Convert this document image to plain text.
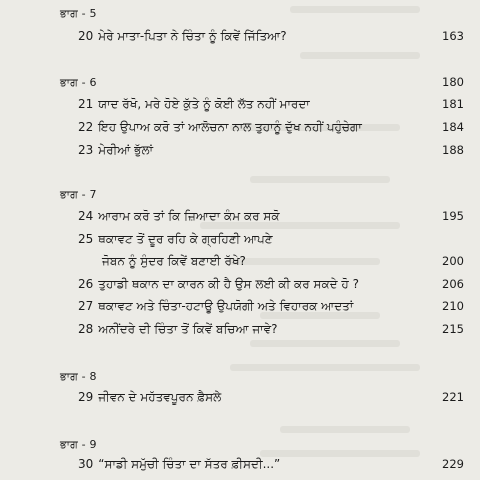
ਭਾਗ - 5
20 ਮੇਰੇ ਮਾਤਾ-ਪਿਤਾ ਨੇ ਚਿੰਤਾ ਨੂੰ ਕਿਵੇਂ ਜਿੱਤਿਆ?	163
ਭਾਗ - 6	180
21 ਯਾਦ ਰੱਖੋ, ਮਰੇ ਹੋਏ ਕੁੱਤੇ ਨੂੰ ਕੋਈ ਲੱਤ ਨਹੀਂ ਮਾਰਦਾ	181
22 ਇਹ ਉਪਾਅ ਕਰੋ ਤਾਂ ਆਲੋਚਨਾ ਨਾਲ ਤੁਹਾਨੂੰ ਦੁੱਖ ਨਹੀਂ ਪਹੁੰਚੇਗਾ	184
23 ਮੇਰੀਆਂ ਭੁੱਲਾਂ	188
ਭਾਗ - 7
24 ਆਰਾਮ ਕਰੋ ਤਾਂ ਕਿ ਜ਼ਿਆਦਾ ਕੰਮ ਕਰ ਸਕੋ	195
25 ਥਕਾਵਟ ਤੋਂ ਦੂਰ ਰਹਿ ਕੇ ਗ੍ਰਹਿਣੀ ਆਪਣੇ
ਜੋਬਨ ਨੂੰ ਸੁੰਦਰ ਕਿਵੇਂ ਬਣਾਈ ਰੱਖੇ?	200
26 ਤੁਹਾਡੀ ਥਕਾਨ ਦਾ ਕਾਰਨ ਕੀ ਹੈ ਉਸ ਲਈ ਕੀ ਕਰ ਸਕਦੇ ਹੋ ?	206
27 ਥਕਾਵਟ ਅਤੇ ਚਿੰਤਾ-ਹਟਾਊ ਉਪਯੋਗੀ ਅਤੇ ਵਿਹਾਰਕ ਆਦਤਾਂ	210
28 ਅਨੀਂਦਰੇ ਦੀ ਚਿੰਤਾ ਤੋਂ ਕਿਵੇਂ ਬਚਿਆ ਜਾਵੇ?	215
ਭਾਗ - 8
29 ਜੀਵਨ ਦੇ ਮਹੱਤਵਪੂਰਨ ਫ਼ੈਸਲੇ	221
ਭਾਗ - 9
30 “ਸਾਡੀ ਸਮੁੱਚੀ ਚਿੰਤਾ ਦਾ ਸੱਤਰ ਫ਼ੀਸਦੀ...”	229
